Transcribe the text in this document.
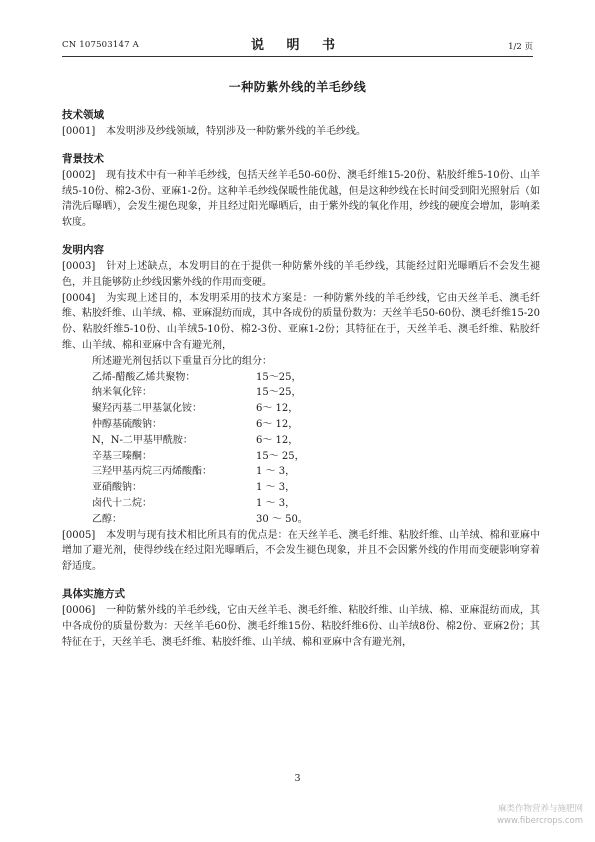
CN 107503147 A	说 明 书	1/2 页
一种防紫外线的羊毛纱线
技术领域

[0001] 本发明涉及纱线领域，特别涉及一种防紫外线的羊毛纱线。

背景技术

[0002] 现有技术中有一种羊毛纱线，包括天丝羊毛50-60份、澳毛纤维15-20份、粘胶纤维5-10份、山羊绒5-10份、棉2-3份、亚麻1-2份。这种羊毛纱线保暖性能优越，但是这种纱线在长时间受到阳光照射后（如清洗后曝晒），会发生褪色现象，并且经过阳光曝晒后，由于紫外线的氧化作用，纱线的硬度会增加，影响柔软度。

发明内容

[0003] 针对上述缺点，本发明目的在于提供一种防紫外线的羊毛纱线，其能经过阳光曝晒后不会发生褪色，并且能够防止纱线因紫外线的作用而变硬。

[0004] 为实现上述目的，本发明采用的技术方案是：一种防紫外线的羊毛纱线，它由天丝羊毛、澳毛纤维、粘胶纤维、山羊绒、棉、亚麻混纺而成，其中各成份的质量份数为：天丝羊毛50-60份、澳毛纤维15-20份、粘胶纤维5-10份、山羊绒5-10份、棉2-3份、亚麻1-2份；其特征在于，天丝羊毛、澳毛纤维、粘胶纤维、山羊绒、棉和亚麻中含有避光剂，

所述避光剂包括以下重量百分比的组分：

乙烯-醋酸乙烯共聚物：	15～25，
纳米氧化锌：	15～25，
聚羟丙基二甲基氯化铵：	6～ 12，
仲醇基硫酸钠：	6～ 12，
N，N-二甲基甲酰胺：	6～ 12，
辛基三嗪酮：	15～ 25，
三羟甲基丙烷三丙烯酸酯：	1 ～ 3，
亚硝酸钠：	1 ～ 3，
卤代十二烷：	1 ～ 3，
乙醇：	30 ～ 50。

[0005] 本发明与现有技术相比所具有的优点是：在天丝羊毛、澳毛纤维、粘胶纤维、山羊绒、棉和亚麻中增加了避光剂，使得纱线在经过阳光曝晒后，不会发生褪色现象，并且不会因紫外线的作用而变硬影响穿着舒适度。

具体实施方式

[0006] 一种防紫外线的羊毛纱线，它由天丝羊毛、澳毛纤维、粘胶纤维、山羊绒、棉、亚麻混纺而成，其中各成份的质量份数为：天丝羊毛60份、澳毛纤维15份、粘胶纤维6份、山羊绒8份、棉2份、亚麻2份；其特征在于，天丝羊毛、澳毛纤维、粘胶纤维、山羊绒、棉和亚麻中含有避光剂，

3
麻类作物营养与施肥网
www.fibercrops.com
